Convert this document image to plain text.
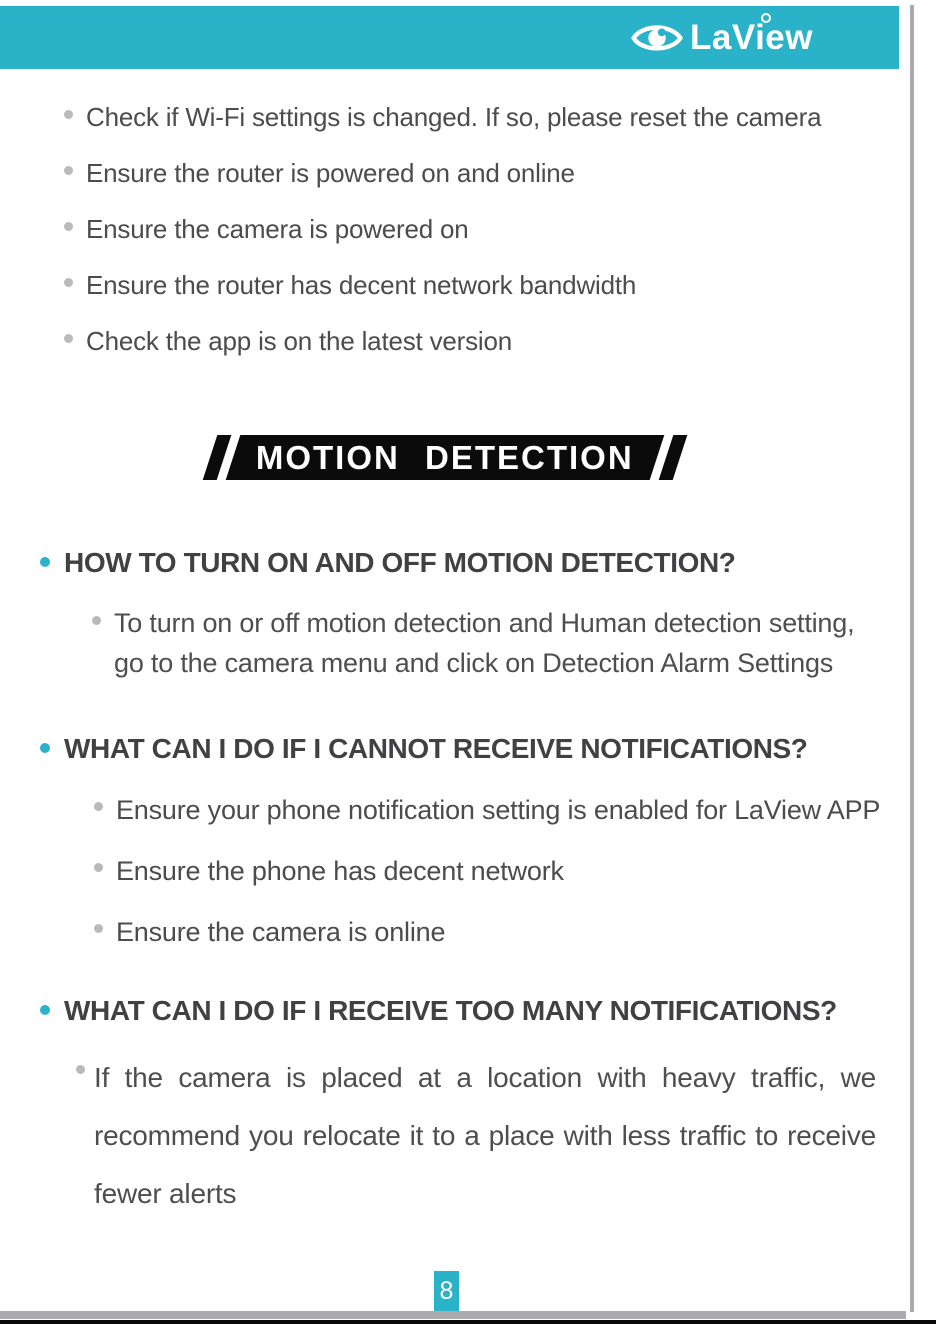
LaView
Check if Wi-Fi settings is changed. If so, please reset the camera
Ensure the router is powered on and online
Ensure the camera is powered on
Ensure the router has decent network bandwidth
Check the app is on the latest version
MOTION DETECTION
HOW TO TURN ON AND OFF MOTION DETECTION?
To turn on or off motion detection and Human detection setting, go to the camera menu and click on Detection Alarm Settings
WHAT CAN I DO IF I CANNOT RECEIVE NOTIFICATIONS?
Ensure your phone notification setting is enabled for LaView APP
Ensure the phone has decent network
Ensure the camera is online
WHAT CAN I DO IF I RECEIVE TOO MANY NOTIFICATIONS?
If the camera is placed at a location with heavy traffic, we recommend you relocate it to a place with less traffic to receive fewer alerts
8
